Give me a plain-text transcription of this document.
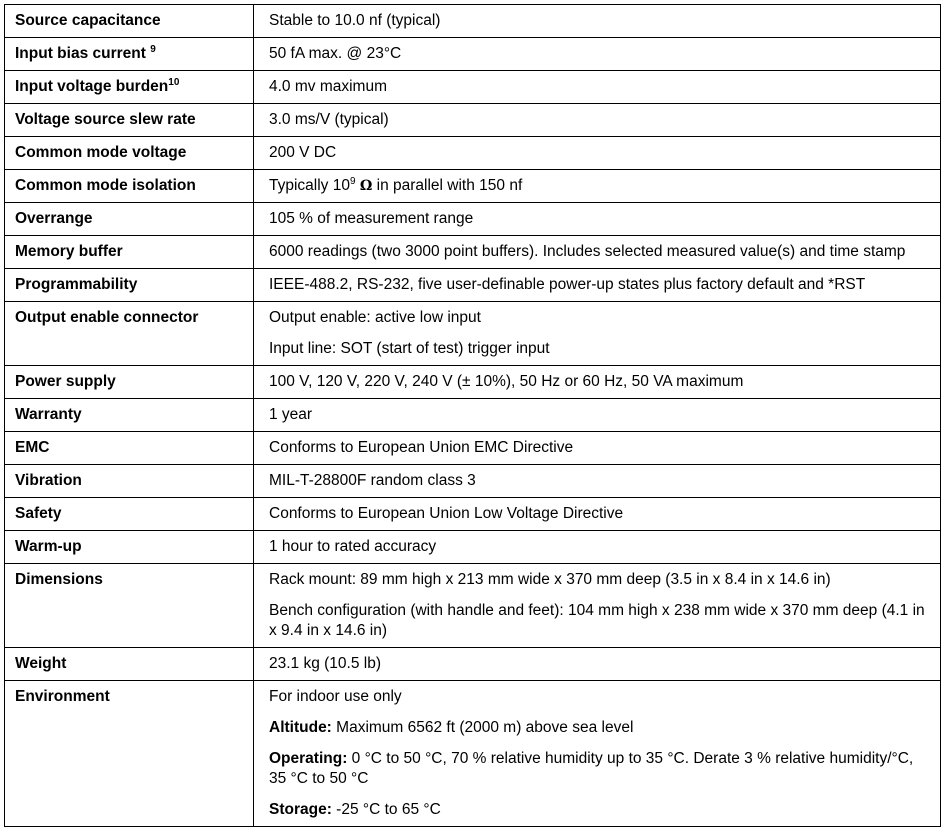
Source capacitance	Stable to 10.0 nf (typical)
Input bias current $^9$	50 fA max. @ 23°C
Input voltage burden$^{10}$	4.0 mv maximum
Voltage source slew rate	3.0 ms/V (typical)
Common mode voltage	200 V DC
Common mode isolation	Typically $10^9$ Ω in parallel with 150 nf
Overrange	105 % of measurement range
Memory buffer	6000 readings (two 3000 point buffers). Includes selected measured value(s) and time stamp
Programmability	IEEE-488.2, RS-232, five user-definable power-up states plus factory default and *RST
Output enable connector	Output enable: active low input

Input line: SOT (start of test) trigger input

Power supply	100 V, 120 V, 220 V, 240 V (± 10%), 50 Hz or 60 Hz, 50 VA maximum
Warranty	1 year
EMC	Conforms to European Union EMC Directive
Vibration	MIL-T-28800F random class 3
Safety	Conforms to European Union Low Voltage Directive
Warm-up	1 hour to rated accuracy
Dimensions	Rack mount: 89 mm high x 213 mm wide x 370 mm deep (3.5 in x 8.4 in x 14.6 in)

Bench configuration (with handle and feet): 104 mm high x 238 mm wide x 370 mm deep (4.1 in x 9.4 in x 14.6 in)

Weight	23.1 kg (10.5 lb)
Environment	For indoor use only

Altitude: Maximum 6562 ft (2000 m) above sea level

Operating: 0 °C to 50 °C, 70 % relative humidity up to 35 °C. Derate 3 % relative humidity/°C, 35 °C to 50 °C

Storage: -25 °C to 65 °C
